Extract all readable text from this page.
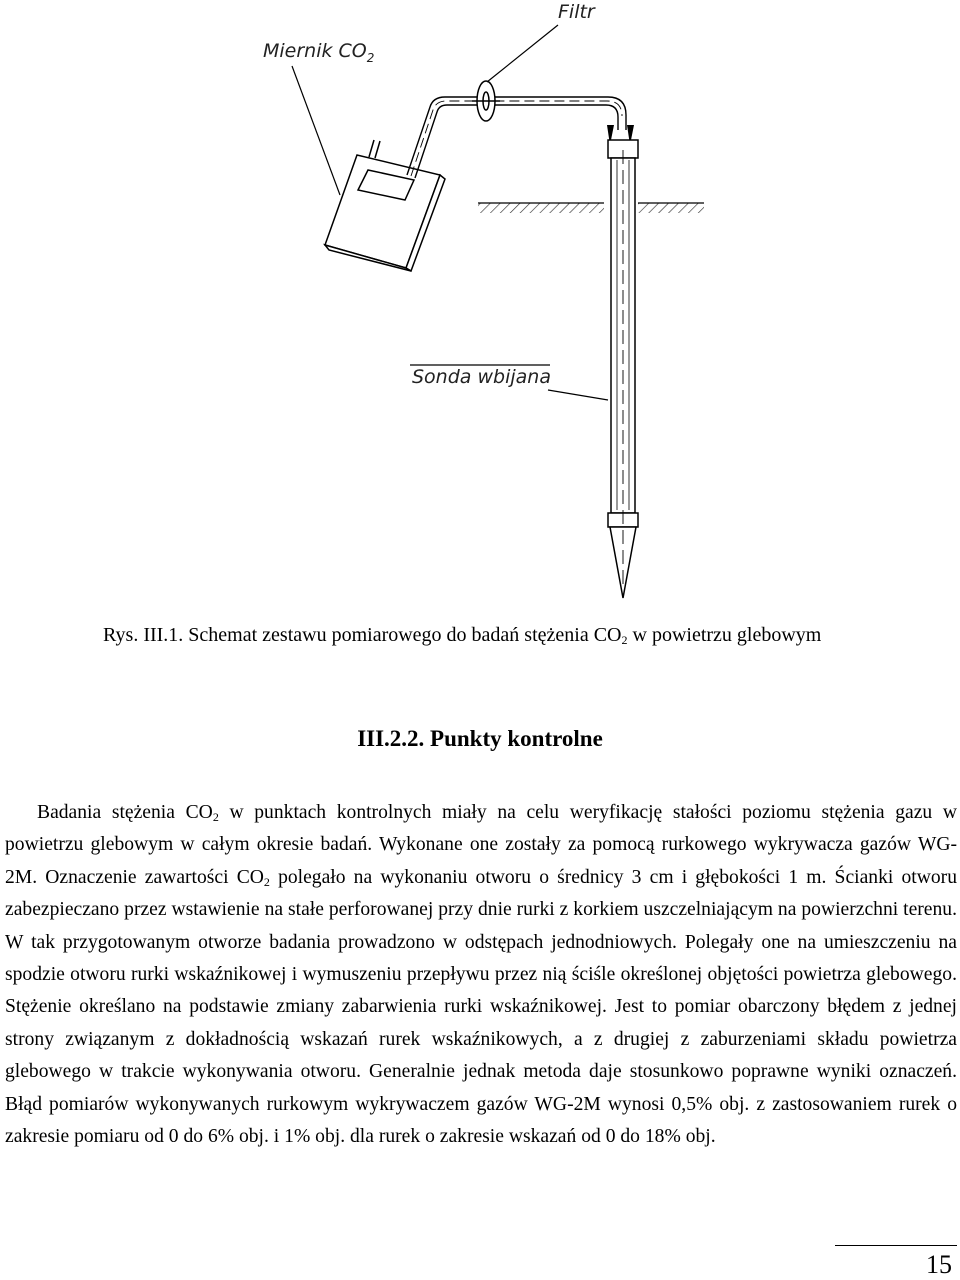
Filtr
Miernik $CO_2$
Sonda wbijana
Rys. III.1. Schemat zestawu pomiarowego do badań stężenia $CO_2$ w powietrzu glebowym
III.2.2. Punkty kontrolne

Badania stężenia $CO_2$ w punktach kontrolnych miały na celu weryfikację stałości poziomu stężenia gazu w powietrzu glebowym w całym okresie badań. Wykonane one zostały za pomocą rurkowego wykrywacza gazów WG-2M. Oznaczenie zawartości $CO_2$ polegało na wykonaniu otworu o średnicy 3 cm i głębokości 1 m. Ścianki otworu zabezpieczano przez wstawienie na stałe perforowanej przy dnie rurki z korkiem uszczelniającym na powierzchni terenu. W tak przygotowanym otworze badania prowadzono w odstępach jednodniowych. Polegały one na umieszczeniu na spodzie otworu rurki wskaźnikowej i wymuszeniu przepływu przez nią ściśle określonej objętości powietrza glebowego. Stężenie określano na podstawie zmiany zabarwienia rurki wskaźnikowej. Jest to pomiar obarczony błędem z jednej strony związanym z dokładnością wskazań rurek wskaźnikowych, a z drugiej z zaburzeniami składu powietrza glebowego w trakcie wykonywania otworu. Generalnie jednak metoda daje stosunkowo poprawne wyniki oznaczeń. Błąd pomiarów wykonywanych rurkowym wykrywaczem gazów WG-2M wynosi 0,5% obj. z zastosowaniem rurek o zakresie pomiaru od 0 do 6% obj. i 1% obj. dla rurek o zakresie wskazań od 0 do 18% obj.

15
